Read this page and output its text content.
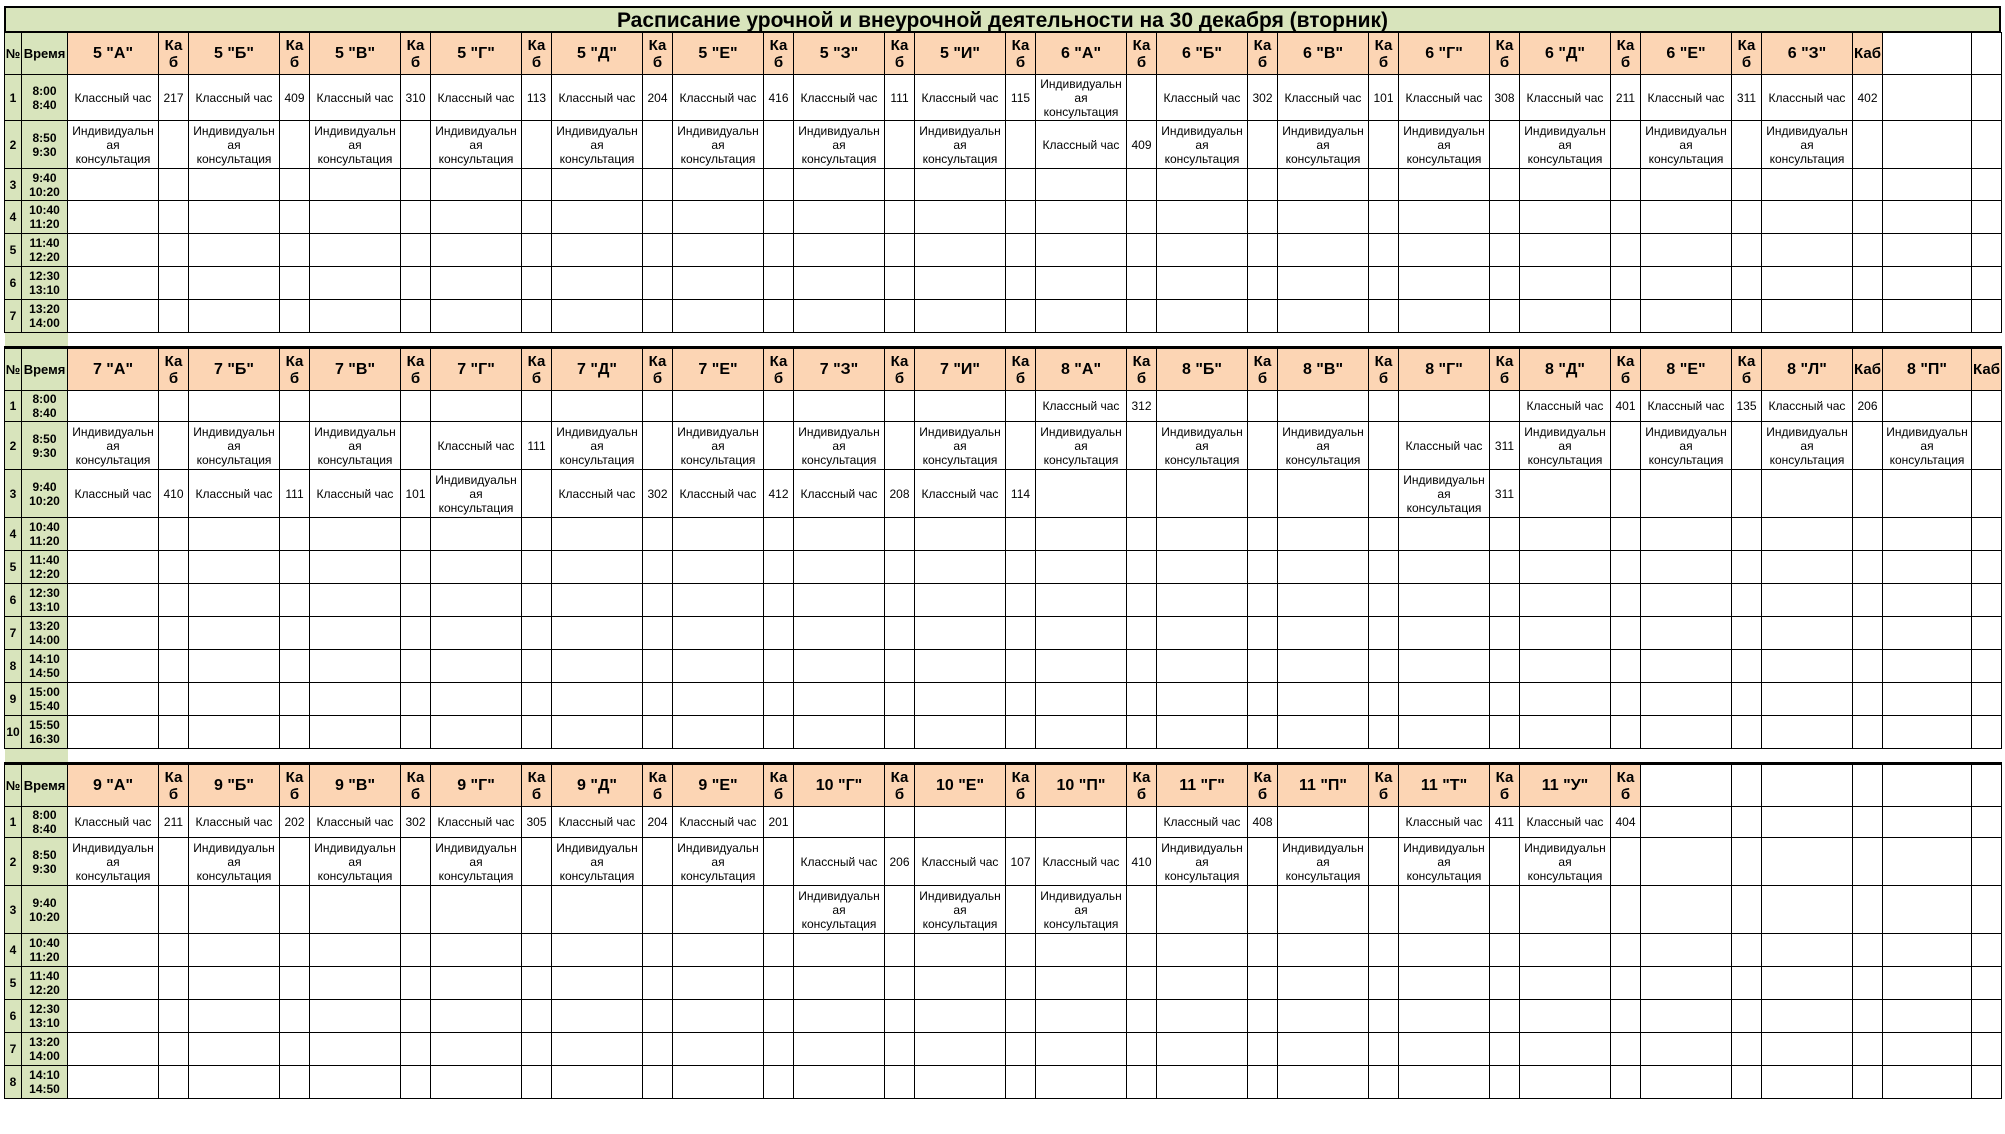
Расписание урочной и внеурочной деятельности на 30 декабря (вторник)
№	Время	5 "А"	Ка б	5 "Б"	Ка б	5 "В"	Ка б	5 "Г"	Ка б	5 "Д"	Ка б	5 "Е"	Ка б	5 "З"	Ка б	5 "И"	Ка б	6 "А"	Ка б	6 "Б"	Ка б	6 "В"	Ка б	6 "Г"	Ка б	6 "Д"	Ка б	6 "Е"	Ка б	6 "З"	Каб		
1	8:00 8:40	Классный час	217	Классный час	409	Классный час	310	Классный час	113	Классный час	204	Классный час	416	Классный час	111	Классный час	115	Индивидуальн ая консультация		Классный час	302	Классный час	101	Классный час	308	Классный час	211	Классный час	311	Классный час	402		
2	8:50 9:30	Индивидуальн ая консультация		Индивидуальн ая консультация		Индивидуальн ая консультация		Индивидуальн ая консультация		Индивидуальн ая консультация		Индивидуальн ая консультация		Индивидуальн ая консультация		Индивидуальн ая консультация		Классный час	409	Индивидуальн ая консультация		Индивидуальн ая консультация		Индивидуальн ая консультация		Индивидуальн ая консультация		Индивидуальн ая консультация		Индивидуальн ая консультация			
3	9:40 10:20																																
4	10:40 11:20																																
5	11:40 12:20																																
6	12:30 13:10																																
7	13:20 14:00																																

№	Время	7 "А"	Ка б	7 "Б"	Ка б	7 "В"	Ка б	7 "Г"	Ка б	7 "Д"	Ка б	7 "Е"	Ка б	7 "З"	Ка б	7 "И"	Ка б	8 "А"	Ка б	8 "Б"	Ка б	8 "В"	Ка б	8 "Г"	Ка б	8 "Д"	Ка б	8 "Е"	Ка б	8 "Л"	Каб	8 "П"	Каб
1	8:00 8:40																	Классный час	312							Классный час	401	Классный час	135	Классный час	206		
2	8:50 9:30	Индивидуальн ая консультация		Индивидуальн ая консультация		Индивидуальн ая консультация		Классный час	111	Индивидуальн ая консультация		Индивидуальн ая консультация		Индивидуальн ая консультация		Индивидуальн ая консультация		Индивидуальн ая консультация		Индивидуальн ая консультация		Индивидуальн ая консультация		Классный час	311	Индивидуальн ая консультация		Индивидуальн ая консультация		Индивидуальн ая консультация		Индивидуальн ая консультация	
3	9:40 10:20	Классный час	410	Классный час	111	Классный час	101	Индивидуальн ая консультация		Классный час	302	Классный час	412	Классный час	208	Классный час	114							Индивидуальн ая консультация	311								
4	10:40 11:20																																
5	11:40 12:20																																
6	12:30 13:10																																
7	13:20 14:00																																
8	14:10 14:50																																
9	15:00 15:40																																
10	15:50 16:30																																

№	Время	9 "А"	Ка б	9 "Б"	Ка б	9 "В"	Ка б	9 "Г"	Ка б	9 "Д"	Ка б	9 "Е"	Ка б	10 "Г"	Ка б	10 "Е"	Ка б	10 "П"	Ка б	11 "Г"	Ка б	11 "П"	Ка б	11 "Т"	Ка б	11 "У"	Ка б						
1	8:00 8:40	Классный час	211	Классный час	202	Классный час	302	Классный час	305	Классный час	204	Классный час	201							Классный час	408			Классный час	411	Классный час	404						
2	8:50 9:30	Индивидуальн ая консультация		Индивидуальн ая консультация		Индивидуальн ая консультация		Индивидуальн ая консультация		Индивидуальн ая консультация		Индивидуальн ая консультация		Классный час	206	Классный час	107	Классный час	410	Индивидуальн ая консультация		Индивидуальн ая консультация		Индивидуальн ая консультация		Индивидуальн ая консультация							
3	9:40 10:20													Индивидуальн ая консультация		Индивидуальн ая консультация		Индивидуальн ая консультация															
4	10:40 11:20																																
5	11:40 12:20																																
6	12:30 13:10																																
7	13:20 14:00																																
8	14:10 14:50																																
